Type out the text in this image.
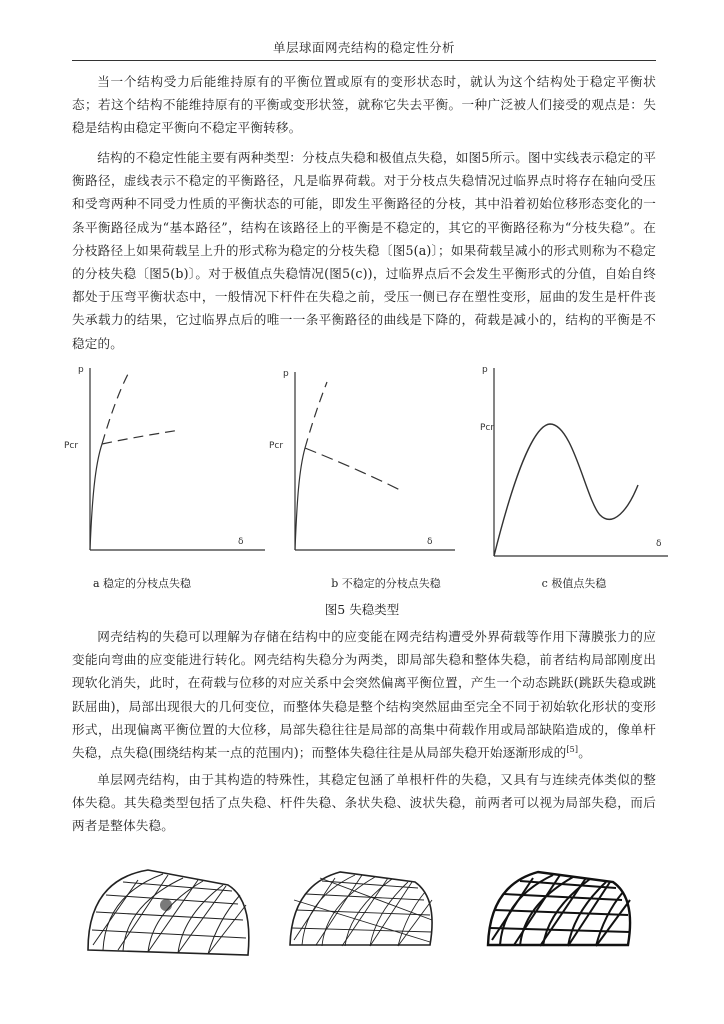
单层球面网壳结构的稳定性分析

当一个结构受力后能维持原有的平衡位置或原有的变形状态时，就认为这个结构处于稳定平衡状态；若这个结构不能维持原有的平衡或变形状签，就称它失去平衡。一种广泛被人们接受的观点是：失稳是结构由稳定平衡向不稳定平衡转移。

结构的不稳定性能主要有两种类型：分枝点失稳和极值点失稳，如图5所示。图中实线表示稳定的平衡路径，虚线表示不稳定的平衡路径，凡是临界荷载。对于分枝点失稳情况过临界点时将存在轴向受压和受弯两种不同受力性质的平衡状态的可能，即发生平衡路径的分枝，其中沿着初始位移形态变化的一条平衡路径成为“基本路径”，结构在该路径上的平衡是不稳定的，其它的平衡路径称为“分枝失稳”。在分枝路径上如果荷载呈上升的形式称为稳定的分枝失稳〔图5(a)〕；如果荷载呈减小的形式则称为不稳定的分枝失稳〔图5(b)〕。对于极值点失稳情况(图5(c))，过临界点后不会发生平衡形式的分值，自始自终都处于压弯平衡状态中，一般情况下杆件在失稳之前，受压一侧已存在塑性变形，屈曲的发生是杆件丧失承载力的结果，它过临界点后的唯一一条平衡路径的曲线是下降的，荷载是减小的，结构的平衡是不稳定的。

p
δ
Pcr
a 稳定的分枝点失稳
p
δ
Pcr
b 不稳定的分枝点失稳
p
δ
Pcr
c 极值点失稳
图5 失稳类型

网壳结构的失稳可以理解为存储在结构中的应变能在网壳结构遭受外界荷载等作用下薄膜张力的应变能向弯曲的应变能进行转化。网壳结构失稳分为两类，即局部失稳和整体失稳，前者结构局部刚度出现软化消失，此时，在荷载与位移的对应关系中会突然偏离平衡位置，产生一个动态跳跃(跳跃失稳或跳跃屈曲)，局部出现很大的几何变位，而整体失稳是整个结构突然屈曲至完全不同于初始软化形状的变形形式，出现偏离平衡位置的大位移，局部失稳往往是局部的高集中荷载作用或局部缺陷造成的，像单杆失稳，点失稳(围绕结构某一点的范围内)；而整体失稳往往是从局部失稳开始逐渐形成的[5]。

单层网壳结构，由于其构造的特殊性，其稳定包涵了单根杆件的失稳，又具有与连续壳体类似的整体失稳。其失稳类型包括了点失稳、杆件失稳、条状失稳、波状失稳，前两者可以视为局部失稳，而后两者是整体失稳。
